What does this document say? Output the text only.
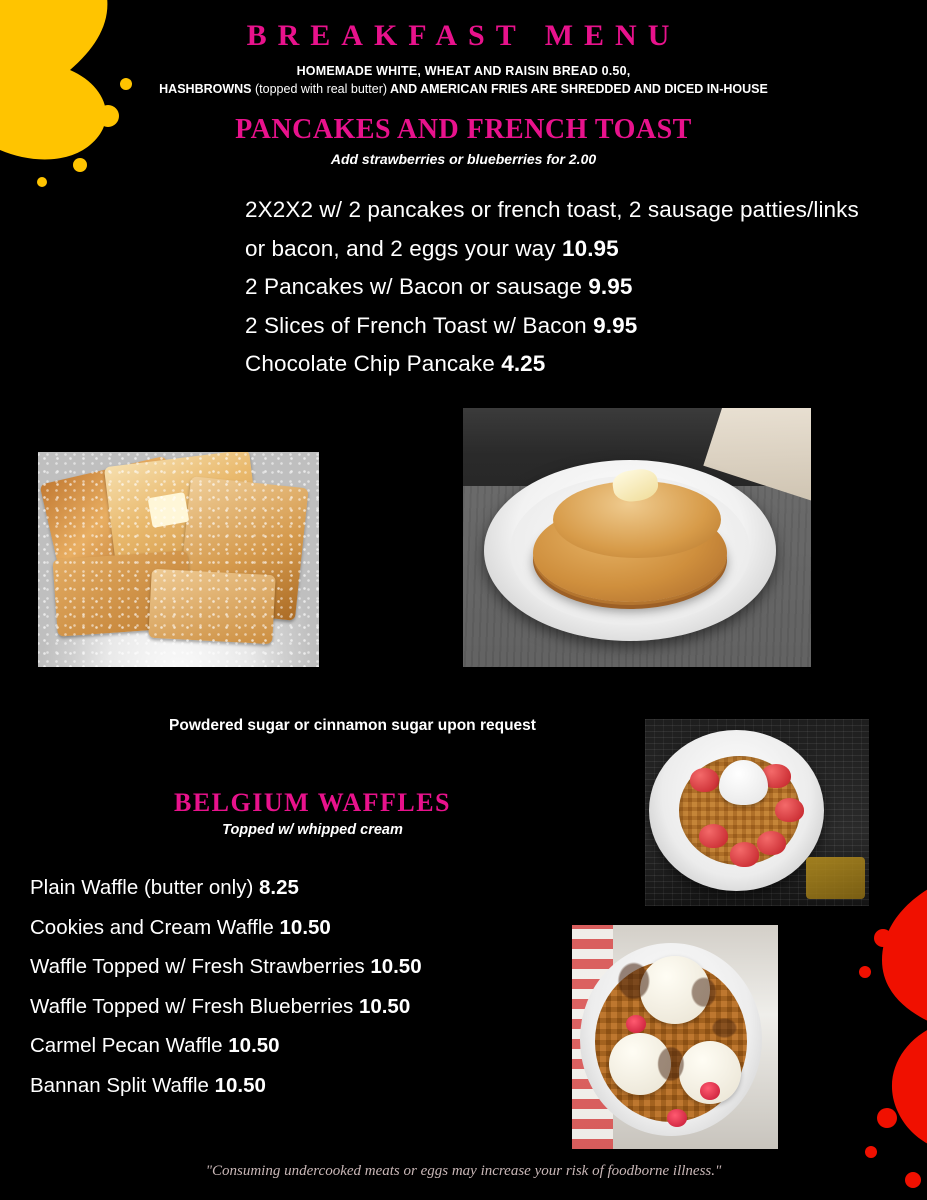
BREAKFAST MENU
HOMEMADE WHITE, WHEAT AND RAISIN BREAD 0.50,
HASHBROWNS (topped with real butter) AND AMERICAN FRIES ARE SHREDDED AND DICED IN-HOUSE
PANCAKES AND FRENCH TOAST
Add strawberries or blueberries for 2.00
2X2X2 w/ 2 pancakes or french toast, 2 sausage patties/links or bacon, and 2 eggs your way 10.95
2 Pancakes w/ Bacon or sausage 9.95
2 Slices of French Toast w/ Bacon 9.95
Chocolate Chip Pancake 4.25
Powdered sugar or cinnamon sugar upon request
BELGIUM WAFFLES
Topped w/ whipped cream
Plain Waffle (butter only) 8.25
Cookies and Cream Waffle 10.50
Waffle Topped w/ Fresh Strawberries 10.50
Waffle Topped w/ Fresh Blueberries 10.50
Carmel Pecan Waffle 10.50
Bannan Split Waffle 10.50
"Consuming undercooked meats or eggs may increase your risk of foodborne illness."
